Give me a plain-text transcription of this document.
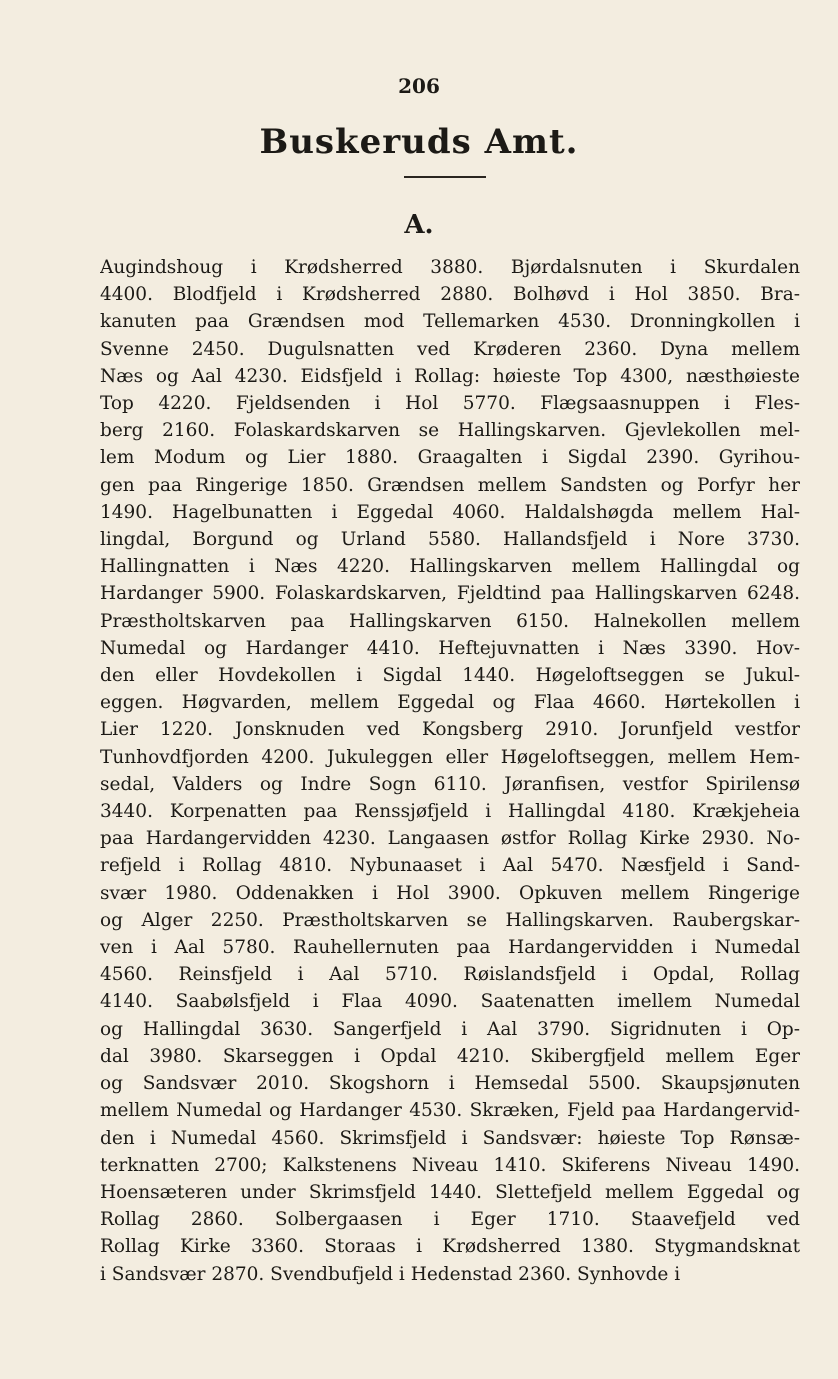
206
Buskeruds Amt.
A.
Augindshoug i Krødsherred 3880. Bjørdalsnuten i Skurdalen
4400. Blodfjeld i Krødsherred 2880. Bolhøvd i Hol 3850. Bra-
kanuten paa Grændsen mod Tellemarken 4530. Dronningkollen i
Svenne 2450. Dugulsnatten ved Krøderen 2360. Dyna mellem
Næs og Aal 4230. Eidsfjeld i Rollag: høieste Top 4300, næsthøieste
Top 4220. Fjeldsenden i Hol 5770. Flægsaasnuppen i Fles-
berg 2160. Folaskardskarven se Hallingskarven. Gjevlekollen mel-
lem Modum og Lier 1880. Graagalten i Sigdal 2390. Gyrihou-
gen paa Ringerige 1850. Grændsen mellem Sandsten og Porfyr her
1490. Hagelbunatten i Eggedal 4060. Haldalshøgda mellem Hal-
lingdal, Borgund og Urland 5580. Hallandsfjeld i Nore 3730.
Hallingnatten i Næs 4220. Hallingskarven mellem Hallingdal og
Hardanger 5900. Folaskardskarven, Fjeldtind paa Hallingskarven 6248.
Præstholtskarven paa Hallingskarven 6150. Halnekollen mellem
Numedal og Hardanger 4410. Heftejuvnatten i Næs 3390. Hov-
den eller Hovdekollen i Sigdal 1440. Høgeloftseggen se Jukul-
eggen. Høgvarden, mellem Eggedal og Flaa 4660. Hørtekollen i
Lier 1220. Jonsknuden ved Kongsberg 2910. Jorunfjeld vestfor
Tunhovdfjorden 4200. Jukuleggen eller Høgeloftseggen, mellem Hem-
sedal, Valders og Indre Sogn 6110. Jøranfisen, vestfor Spirilensø
3440. Korpenatten paa Renssjøfjeld i Hallingdal 4180. Krækjeheia
paa Hardangervidden 4230. Langaasen østfor Rollag Kirke 2930. No-
refjeld i Rollag 4810. Nybunaaset i Aal 5470. Næsfjeld i Sand-
svær 1980. Oddenakken i Hol 3900. Opkuven mellem Ringerige
og Alger 2250. Præstholtskarven se Hallingskarven. Raubergskar-
ven i Aal 5780. Rauhellernuten paa Hardangervidden i Numedal
4560. Reinsfjeld i Aal 5710. Røislandsfjeld i Opdal, Rollag
4140. Saabølsfjeld i Flaa 4090. Saatenatten imellem Numedal
og Hallingdal 3630. Sangerfjeld i Aal 3790. Sigridnuten i Op-
dal 3980. Skarseggen i Opdal 4210. Skibergfjeld mellem Eger
og Sandsvær 2010. Skogshorn i Hemsedal 5500. Skaupsjønuten
mellem Numedal og Hardanger 4530. Skræken, Fjeld paa Hardangervid-
den i Numedal 4560. Skrimsfjeld i Sandsvær: høieste Top Rønsæ-
terknatten 2700; Kalkstenens Niveau 1410. Skiferens Niveau 1490.
Hoensæteren under Skrimsfjeld 1440. Slettefjeld mellem Eggedal og
Rollag 2860. Solbergaasen i Eger 1710. Staavefjeld ved
Rollag Kirke 3360. Storaas i Krødsherred 1380. Stygmandsknat
i Sandsvær 2870. Svendbufjeld i Hedenstad 2360. Synhovde i
